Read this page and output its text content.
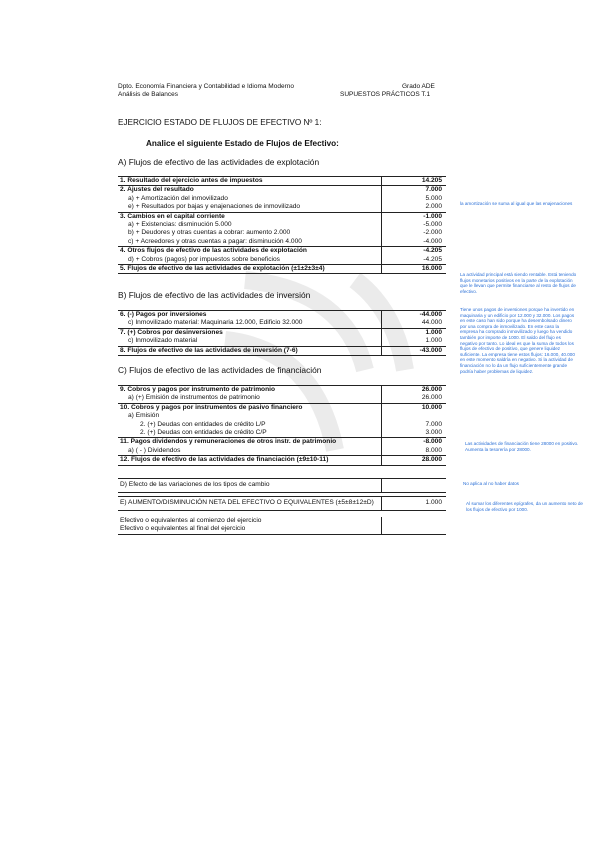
Dpto. Economía Financiera y Contabilidad e Idioma Moderno
Análisis de Balances
Grado ADE
SUPUESTOS PRÁCTICOS T.1
EJERCICIO ESTADO DE FLUJOS DE EFECTIVO Nº 1:
Analice el siguiente Estado de Flujos de Efectivo:
A) Flujos de efectivo de las actividades de explotación
1. Resultado del ejercicio antes de impuestos	14.205
2. Ajustes del resultado	7.000
a) + Amortización del inmovilizado	5.000
e) + Resultados por bajas y enajenaciones de inmovilizado	2.000
3. Cambios en el capital corriente	-1.000
a) + Existencias: disminución 5.000	-5.000
b) + Deudores y otras cuentas a cobrar: aumento 2.000	-2.000
c) + Acreedores y otras cuentas a pagar: disminución 4.000	-4.000
4. Otros flujos de efectivo de las actividades de explotación	-4.205
d) + Cobros (pagos) por impuestos sobre beneficios	-4.205
5. Flujos de efectivo de las actividades de explotación (±1±2±3±4)	16.000
B) Flujos de efectivo de las actividades de inversión
6. (-) Pagos por inversiones	-44.000
c) Inmovilizado material: Maquinaria 12.000, Edificio 32.000	44.000
7. (+) Cobros por desinversiones	1.000
c) Inmovilizado material	1.000
8. Flujos de efectivo de las actividades de inversión (7-6)	-43.000
C) Flujos de efectivo de las actividades de financiación
9. Cobros y pagos por instrumento de patrimonio	26.000
a) (+) Emisión de instrumentos de patrimonio	26.000
10. Cobros y pagos por instrumentos de pasivo financiero	10.000
a) Emisión	
2. (+) Deudas con entidades de crédito L/P	7.000
2. (+) Deudas con entidades de crédito C/P	3.000
11. Pagos dividendos y remuneraciones de otros instr. de patrimonio	-8.000
a) ( - ) Dividendos	8.000
12. Flujos de efectivo de las actividades de financiación (±9±10-11)	28.000
D) Efecto de las variaciones de los tipos de cambio	
E) AUMENTO/DISMINUCIÓN NETA DEL EFECTIVO O EQUIVALENTES (±5±8±12±D)	1.000
Efectivo o equivalentes al comienzo del ejercicio	
Efectivo o equivalentes al final del ejercicio	
la amortización se suma al igual que las enajenaciones
La actividad principal está siendo rentable. Está teniendo flujos monetarios positivos en la parte de la explotación que le llevan que permite financiarse al resto de flujos de efectivo.
Tiene unos pagos de inversiones porque ha invertido en maquinaria y un edificio por 12.000 y 32.000. Los pagos en este caso han sido porque ha desembolsado dinero por una compra de inmovilizado. En este caso la empresa ha comprado inmovilizado y luego ha vendido también por importe de 1000. El saldo del flujo es negativo por tanto. Lo ideal es que la suma de todos los flujos de efectivo de positivo, que genere liquidez suficiente. La empresa tiene estos flujos: 16.000, 40.000 en este momento saldría en negativo. Si la actividad de financiación no lo da un flujo suficientemente grande podría haber problemas de liquidez.
Las actividades de financiación tiene 28000 en positivo. Aumenta la tesorería por 28000.
No aplica al no haber datos
Al sumar los diferentes epígrafes, da un aumento neto de los flujos de efectivo por 1000.
